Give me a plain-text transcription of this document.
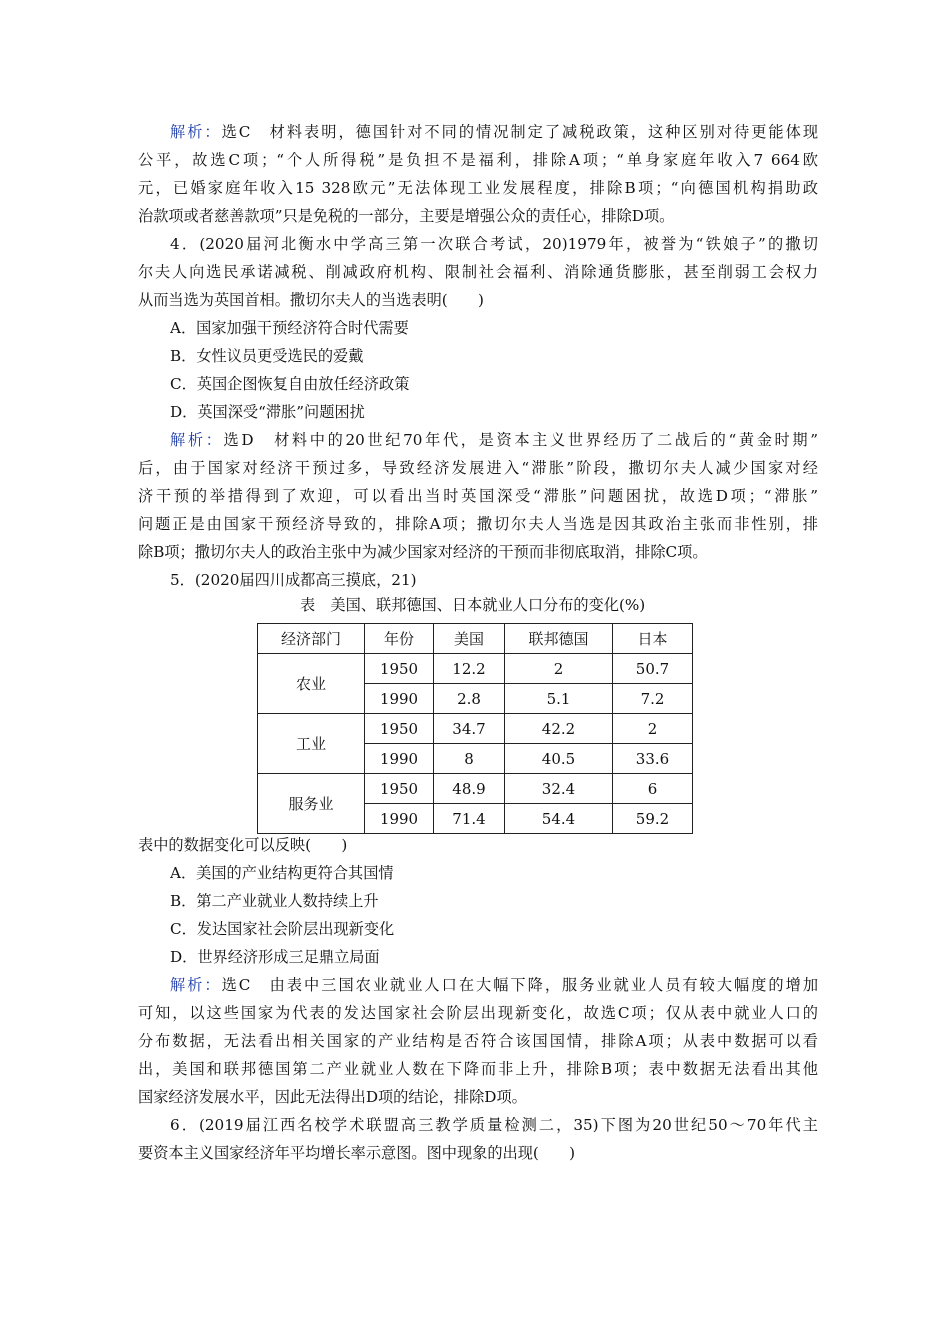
解析：选C　材料表明，德国针对不同的情况制定了减税政策，这种区别对待更能体现
公平，故选C项；“个人所得税”是负担不是福利，排除A项；“单身家庭年收入7 664欧
元，已婚家庭年收入15 328欧元”无法体现工业发展程度，排除B项；“向德国机构捐助政
治款项或者慈善款项”只是免税的一部分，主要是增强公众的责任心，排除D项。
4．(2020届河北衡水中学高三第一次联合考试，20)1979年，被誉为“铁娘子”的撒切
尔夫人向选民承诺减税、削减政府机构、限制社会福利、消除通货膨胀，甚至削弱工会权力
从而当选为英国首相。撒切尔夫人的当选表明(　　)
A．国家加强干预经济符合时代需要
B．女性议员更受选民的爱戴
C．英国企图恢复自由放任经济政策
D．英国深受“滞胀”问题困扰
解析：选D　材料中的20世纪70年代，是资本主义世界经历了二战后的“黄金时期”
后，由于国家对经济干预过多，导致经济发展进入“滞胀”阶段，撒切尔夫人减少国家对经
济干预的举措得到了欢迎，可以看出当时英国深受“滞胀”问题困扰，故选D项；“滞胀”
问题正是由国家干预经济导致的，排除A项；撒切尔夫人当选是因其政治主张而非性别，排
除B项；撒切尔夫人的政治主张中为减少国家对经济的干预而非彻底取消，排除C项。
5．(2020届四川成都高三摸底，21)
表　美国、联邦德国、日本就业人口分布的变化(%)
经济部门	年份	美国	联邦德国	日本
农业	1950	12.2	2	50.7
	1990	2.8	5.1	7.2
工业	1950	34.7	42.2	2
	1990	8	40.5	33.6
服务业	1950	48.9	32.4	6
	1990	71.4	54.4	59.2
表中的数据变化可以反映(　　)
A．美国的产业结构更符合其国情
B．第二产业就业人数持续上升
C．发达国家社会阶层出现新变化
D．世界经济形成三足鼎立局面
解析：选C　由表中三国农业就业人口在大幅下降，服务业就业人员有较大幅度的增加
可知，以这些国家为代表的发达国家社会阶层出现新变化，故选C项；仅从表中就业人口的
分布数据，无法看出相关国家的产业结构是否符合该国国情，排除A项；从表中数据可以看
出，美国和联邦德国第二产业就业人数在下降而非上升，排除B项；表中数据无法看出其他
国家经济发展水平，因此无法得出D项的结论，排除D项。
6．(2019届江西名校学术联盟高三教学质量检测二，35)下图为20世纪50～70年代主
要资本主义国家经济年平均增长率示意图。图中现象的出现(　　)
